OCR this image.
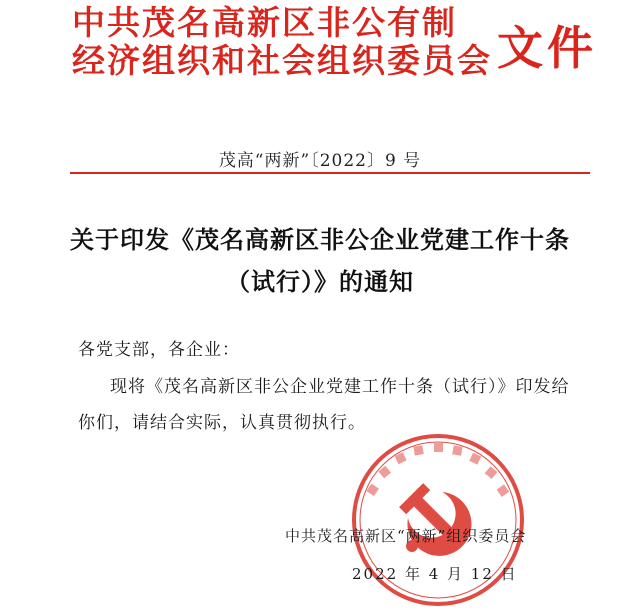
中共茂名高新区非公有制
经济组织和社会组织委员会 文件
茂高“两新”〔2022〕9 号
关于印发《茂名高新区非公企业党建工作十条
（试行）》的通知
各党支部，各企业：
现将《茂名高新区非公企业党建工作十条（试行）》印发给
你们，请结合实际，认真贯彻执行。
中共茂名高新区“两新”组织委员会
2022 年 4 月 12 日
